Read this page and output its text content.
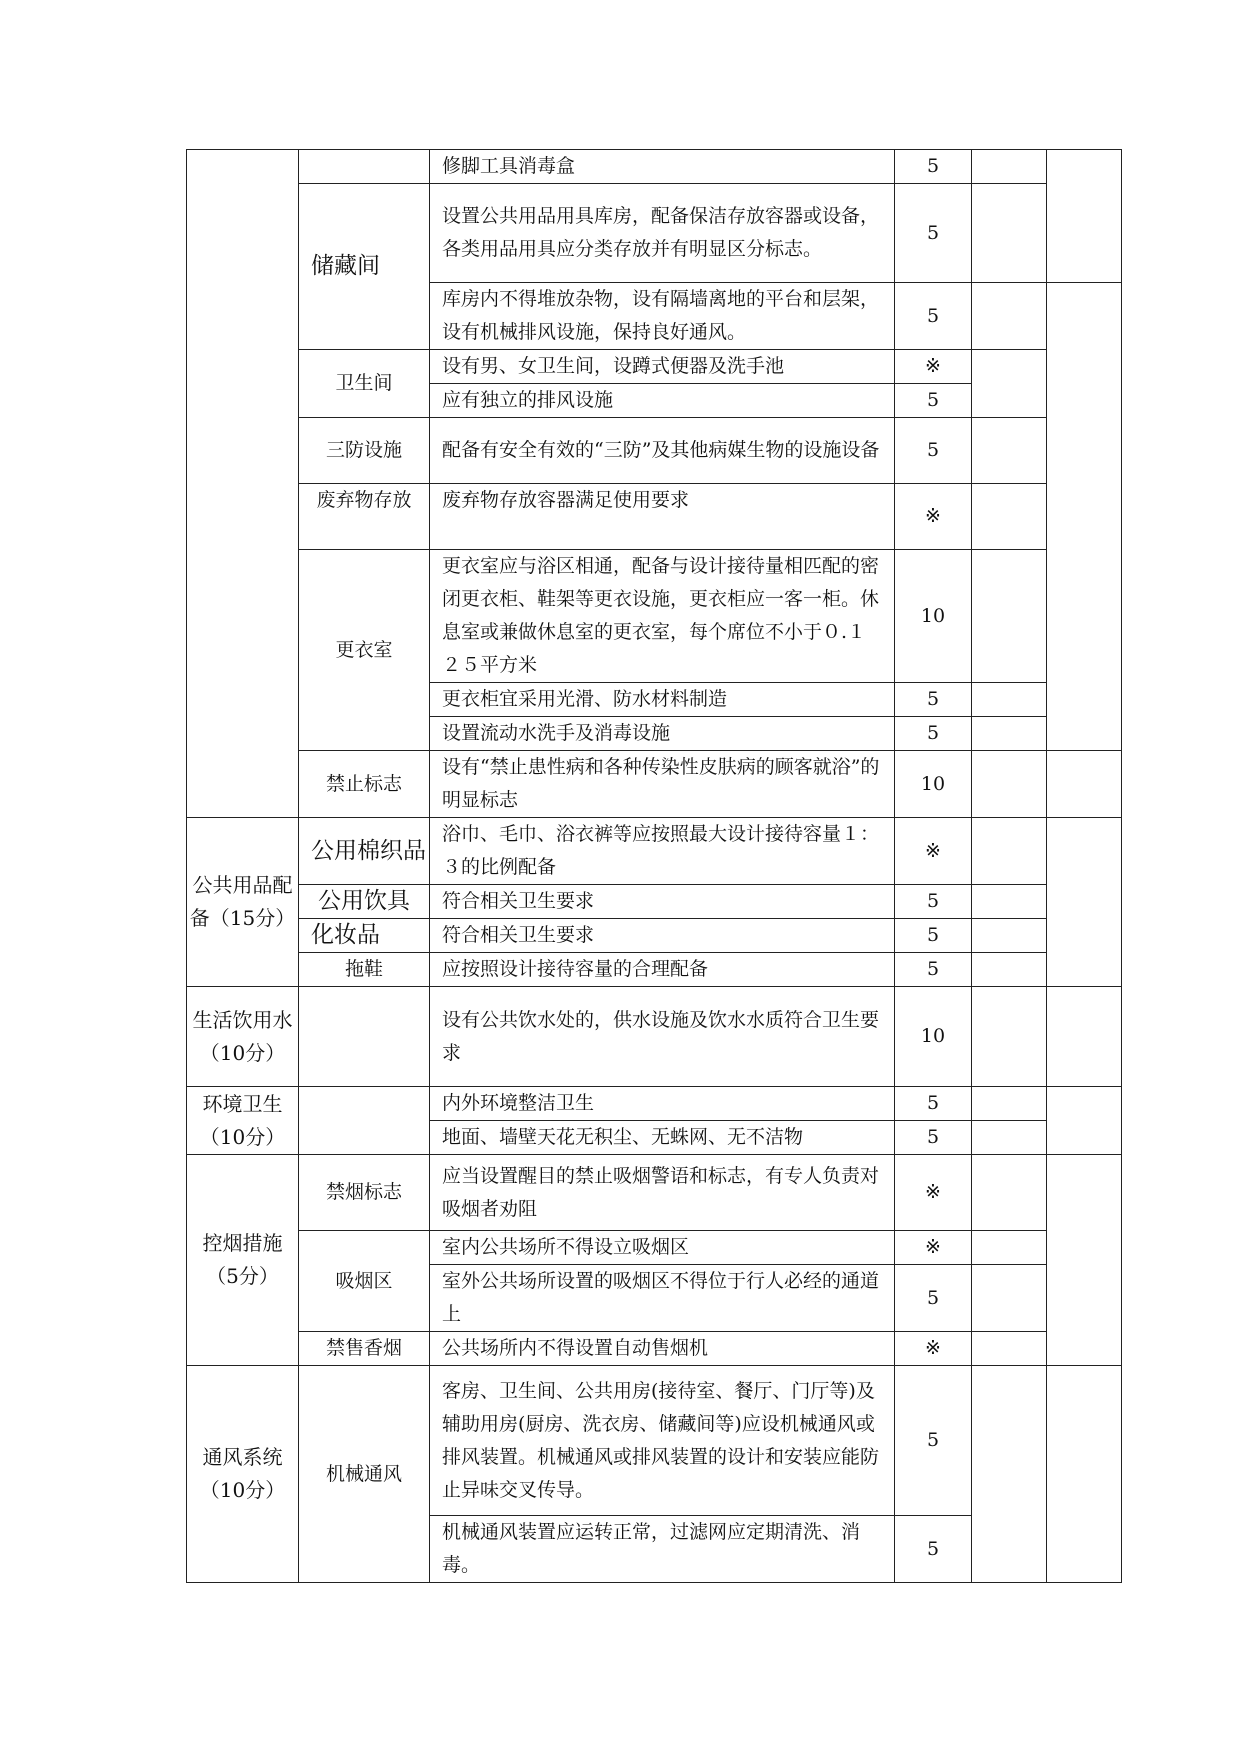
		修脚工具消毒盒	5		
	储藏间	设置公共用品用具库房，配备保洁存放容器或设备，各类用品用具应分类存放并有明显区分标志。	5		
		库房内不得堆放杂物，设有隔墙离地的平台和层架，设有机械排风设施，保持良好通风。	5		
	卫生间	设有男、女卫生间，设蹲式便器及洗手池	※		
		应有独立的排风设施	5		
	三防设施	配备有安全有效的“三防”及其他病媒生物的设施设备	5		
	废弃物存放	废弃物存放容器满足使用要求	※		
	更衣室	更衣室应与浴区相通，配备与设计接待量相匹配的密闭更衣柜、鞋架等更衣设施，更衣柜应一客一柜。休息室或兼做休息室的更衣室，每个席位不小于０.１２５平方米	10		
		更衣柜宜采用光滑、防水材料制造	5		
		设置流动水洗手及消毒设施	5		
	禁止标志	设有“禁止患性病和各种传染性皮肤病的顾客就浴”的明显标志	10		
公共用品配备（15分）	公用棉织品	浴巾、毛巾、浴衣裤等应按照最大设计接待容量１：３的比例配备	※		
	公用饮具	符合相关卫生要求	5		
	化妆品	符合相关卫生要求	5		
	拖鞋	应按照设计接待容量的合理配备	5		
生活饮用水（10分）		设有公共饮水处的，供水设施及饮水水质符合卫生要求	10		
环境卫生（10分）		内外环境整洁卫生	5		
		地面、墙壁天花无积尘、无蛛网、无不洁物	5		
控烟措施（5分）	禁烟标志	应当设置醒目的禁止吸烟警语和标志，有专人负责对吸烟者劝阻	※		
	吸烟区	室内公共场所不得设立吸烟区	※		
		室外公共场所设置的吸烟区不得位于行人必经的通道上	5		
	禁售香烟	公共场所内不得设置自动售烟机	※		
通风系统（10分）	机械通风	客房、卫生间、公共用房(接待室、餐厅、门厅等)及辅助用房(厨房、洗衣房、储藏间等)应设机械通风或排风装置。机械通风或排风装置的设计和安装应能防止异味交叉传导。	5		
		机械通风装置应运转正常，过滤网应定期清洗、消毒。	5		
